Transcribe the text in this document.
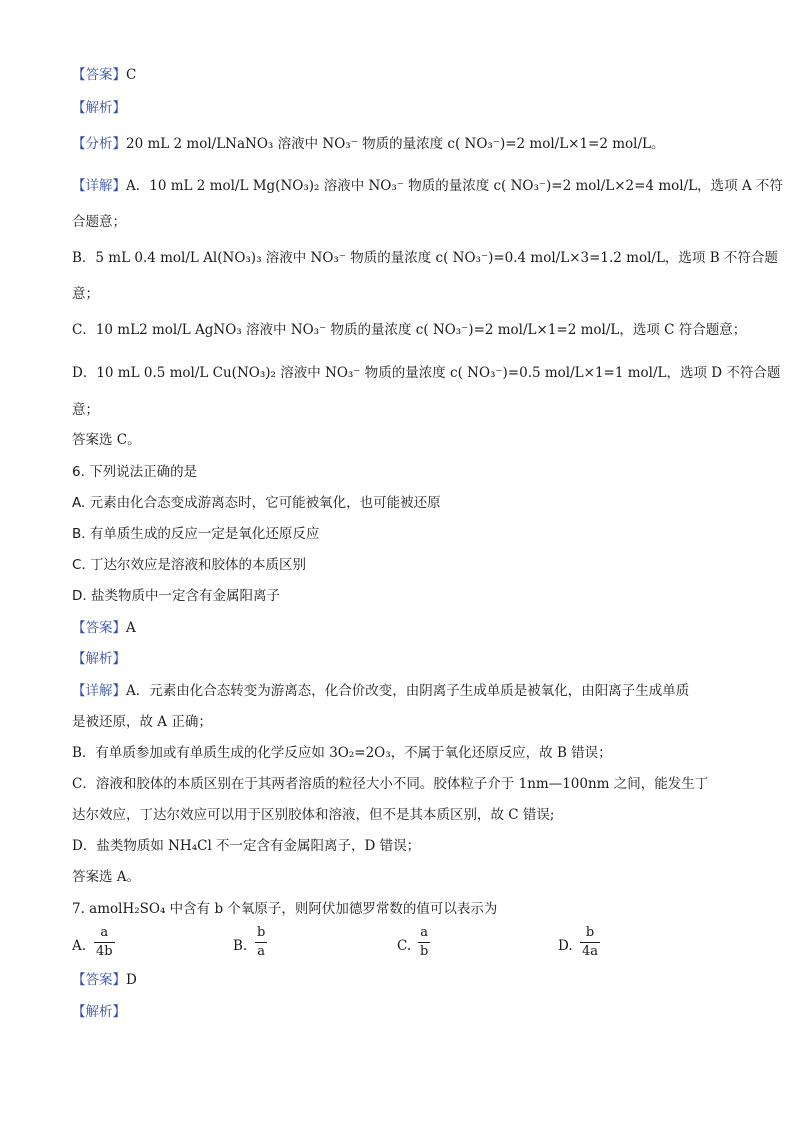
【答案】C
【解析】
【分析】20 mL 2 mol/LNaNO₃ 溶液中 NO₃⁻ 物质的量浓度 c( NO₃⁻)=2 mol/L×1=2 mol/L。
【详解】A．10 mL 2 mol/L Mg(NO₃)₂ 溶液中 NO₃⁻ 物质的量浓度 c( NO₃⁻)=2 mol/L×2=4 mol/L，选项 A 不符
合题意；
B．5 mL 0.4 mol/L Al(NO₃)₃ 溶液中 NO₃⁻ 物质的量浓度 c( NO₃⁻)=0.4 mol/L×3=1.2 mol/L，选项 B 不符合题
意；
C．10 mL2 mol/L AgNO₃ 溶液中 NO₃⁻ 物质的量浓度 c( NO₃⁻)=2 mol/L×1=2 mol/L，选项 C 符合题意；
D．10 mL 0.5 mol/L Cu(NO₃)₂ 溶液中 NO₃⁻ 物质的量浓度 c( NO₃⁻)=0.5 mol/L×1=1 mol/L，选项 D 不符合题
意；
答案选 C。
6. 下列说法正确的是
A. 元素由化合态变成游离态时，它可能被氧化，也可能被还原
B. 有单质生成的反应一定是氧化还原反应
C. 丁达尔效应是溶液和胶体的本质区别
D. 盐类物质中一定含有金属阳离子
【答案】A
【解析】
【详解】A．元素由化合态转变为游离态，化合价改变，由阴离子生成单质是被氧化，由阳离子生成单质
是被还原，故 A 正确；
B．有单质参加或有单质生成的化学反应如 3O₂=2O₃，不属于氧化还原反应，故 B 错误；
C．溶液和胶体的本质区别在于其两者溶质的粒径大小不同。胶体粒子介于 1nm—100nm 之间，能发生丁
达尔效应，丁达尔效应可以用于区别胶体和溶液，但不是其本质区别，故 C 错误;
D．盐类物质如 NH₄Cl 不一定含有金属阳离子，D 错误；
答案选 A。
7. amolH₂SO₄ 中含有 b 个氧原子，则阿伏加德罗常数的值可以表示为
A.
a
4b	B.
b
a	C.
a
b	D.
b
4a
【答案】D
【解析】
